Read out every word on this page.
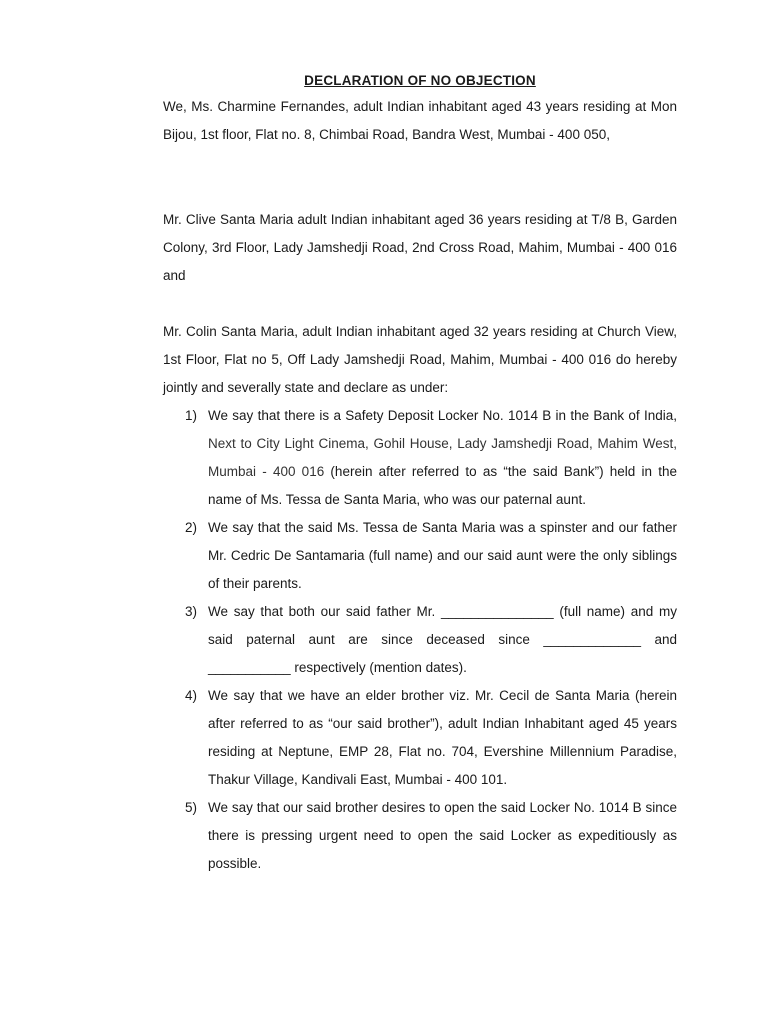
DECLARATION OF NO OBJECTION
We, Ms. Charmine Fernandes, adult Indian inhabitant aged 43 years residing at Mon Bijou, 1st floor, Flat no. 8, Chimbai Road, Bandra West, Mumbai - 400 050,
Mr. Clive Santa Maria adult Indian inhabitant aged 36 years residing at T/8 B, Garden Colony, 3rd Floor, Lady Jamshedji Road, 2nd Cross Road, Mahim, Mumbai - 400 016 and
Mr. Colin Santa Maria, adult Indian inhabitant aged 32 years residing at Church View, 1st Floor, Flat no 5, Off Lady Jamshedji Road, Mahim, Mumbai - 400 016 do hereby jointly and severally state and declare as under:
1) We say that there is a Safety Deposit Locker No. 1014 B in the Bank of India, Next to City Light Cinema, Gohil House, Lady Jamshedji Road, Mahim West, Mumbai - 400 016 (herein after referred to as “the said Bank”) held in the name of Ms. Tessa de Santa Maria, who was our paternal aunt.
2) We say that the said Ms. Tessa de Santa Maria was a spinster and our father Mr. Cedric De Santamaria (full name) and our said aunt were the only siblings of their parents.
3) We say that both our said father Mr. _______________ (full name) and my said paternal aunt are since deceased since _____________ and ___________ respectively (mention dates).
4) We say that we have an elder brother viz. Mr. Cecil de Santa Maria (herein after referred to as “our said brother”), adult Indian Inhabitant aged 45 years residing at Neptune, EMP 28, Flat no. 704, Evershine Millennium Paradise, Thakur Village, Kandivali East, Mumbai - 400 101.
5) We say that our said brother desires to open the said Locker No. 1014 B since there is pressing urgent need to open the said Locker as expeditiously as possible.
